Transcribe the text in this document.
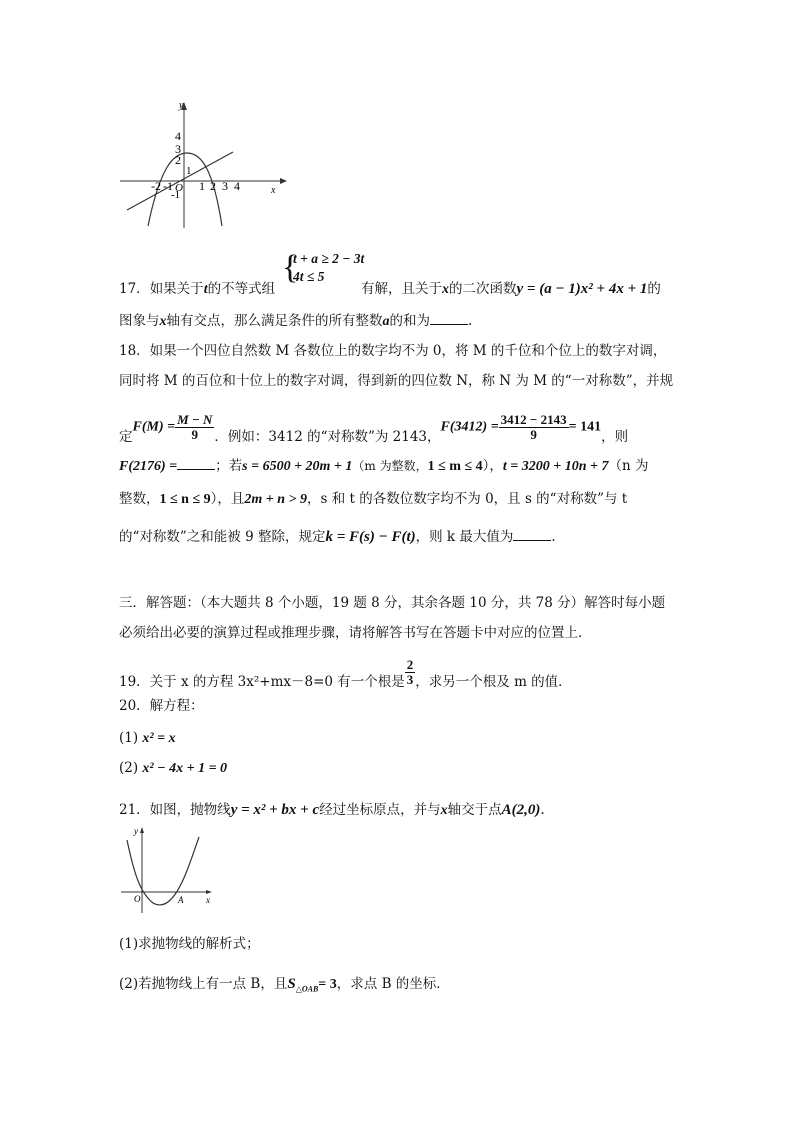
y
x
4
3
2
1
-1
-2 -1 O 1 2 3 4
{
t + a ≥ 2 − 3t
4t ≤ 5
17．如果关于t的不等式组	有解，且关于x的二次函数y = (a − 1)x² + 4x + 1的
图象与x轴有交点，那么满足条件的所有整数a的和为	.
18．如果一个四位自然数 M 各数位上的数字均不为 0，将 M 的千位和个位上的数字对调，
同时将 M 的百位和十位上的数字对调，得到新的四位数 N，称 N 为 M 的“一对称数”，并规
定$F(M) = \frac{M - N}{9}$ ．例如：3412 的“对称数”为 2143，$F(3412) = \frac{3412 - 2143}{9} = 141$，则
F(2176) =	；若s = 6500 + 20m + 1（m 为整数，1 ≤ m ≤ 4），t = 3200 + 10n + 7（n 为
整数，1 ≤ n ≤ 9），且2m + n > 9，s 和 t 的各数位数字均不为 0，且 s 的“对称数”与 t
的“对称数”之和能被 9 整除，规定k = F(s) − F(t)，则 k 最大值为	.
三．解答题：（本大题共 8 个小题，19 题 8 分，其余各题 10 分，共 78 分）解答时每小题
必须给出必要的演算过程或推理步骤，请将解答书写在答题卡中对应的位置上．
19．关于 x 的方程 3x²+mx－8=0 有一个根是 $\frac{2}{3}$ ，求另一个根及 m 的值．
20．解方程：
(1) x² = x
(2) x² − 4x + 1 = 0
21．如图，抛物线y = x² + bx + c经过坐标原点，并与x轴交于点A(2,0).
y
x
O	A
(1)求抛物线的解析式；
(2)若抛物线上有一点 B，且$S_{\triangle OAB}= 3$，求点 B 的坐标．
